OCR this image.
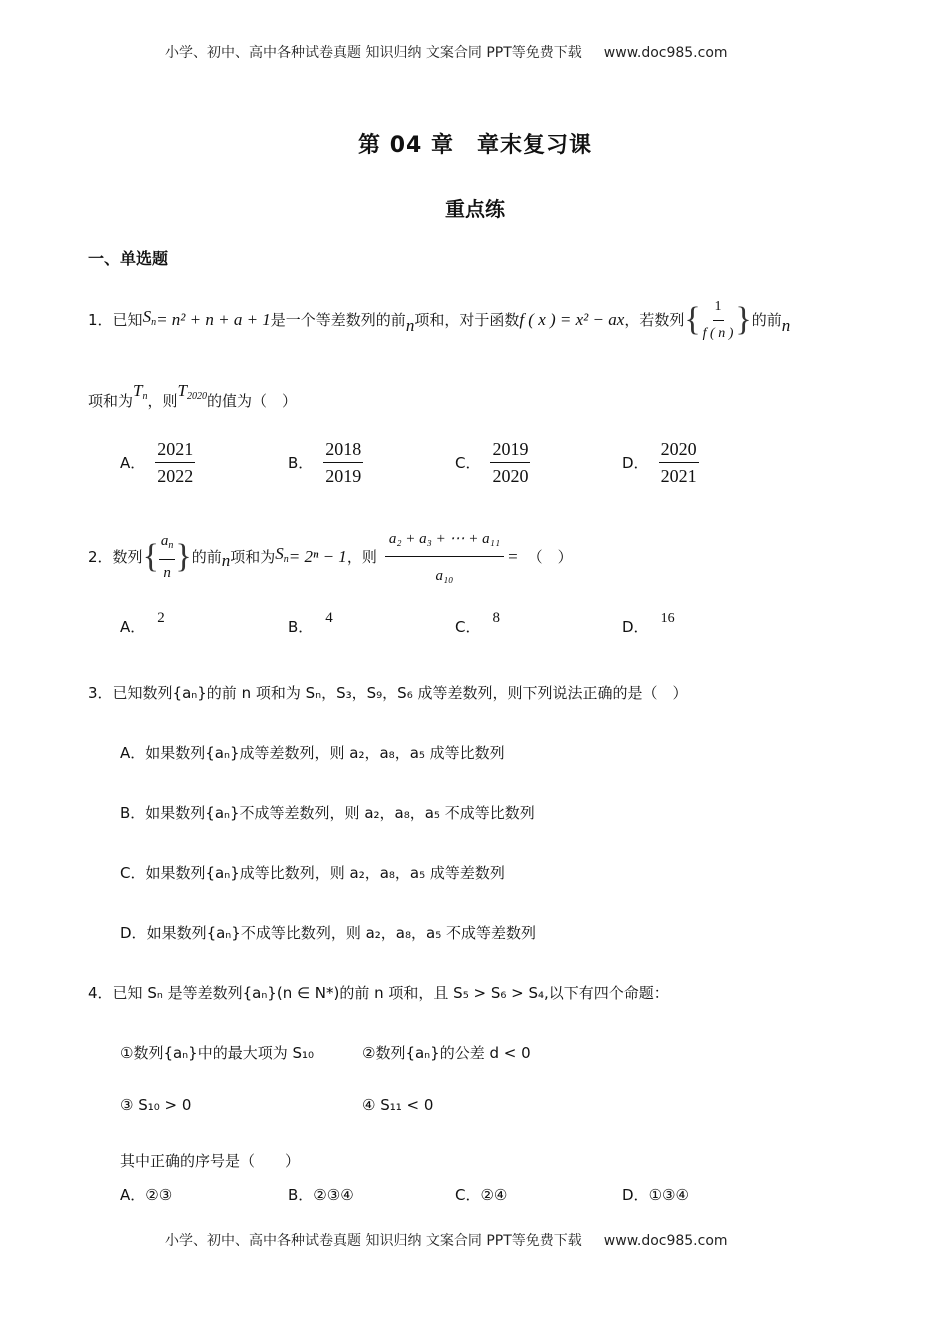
小学、初中、高中各种试卷真题 知识归纳 文案合同 PPT等免费下载 www.doc985.com
第 04 章　章末复习课
重点练
一、单选题
1． 已知 $S_n = n^2 + n + a + 1$ 是一个等差数列的前 n 项和，对于函数 f ( x ) = x² − ax ，若数列 { $\frac{1}{f ( n )}$ } 的前 n
项和为$T_n$，则$T_{2020}$的值为（　）
A． $\frac{2021}{2022}$	B． $\frac{2018}{2019}$	C． $\frac{2019}{2020}$	D． $\frac{2020}{2021}$
2． 数列 { $\frac{a_n}{n}$ } 的前 n 项和为 $S_n = 2^n - 1$ ，则 $\frac{\text{a₂ + a₃ + ⋯ + a₁₁}}{\text{a₁₀}}$ = （　）
A． 2	B． 4	C． 8	D． 16
3．已知数列{aₙ}的前 n 项和为 Sₙ，S₃，S₉，S₆ 成等差数列，则下列说法正确的是（　）
A．如果数列{aₙ}成等差数列，则 a₂，a₈，a₅ 成等比数列
B．如果数列{aₙ}不成等差数列，则 a₂，a₈，a₅ 不成等比数列
C．如果数列{aₙ}成等比数列，则 a₂，a₈，a₅ 成等差数列
D．如果数列{aₙ}不成等比数列，则 a₂，a₈，a₅ 不成等差数列
4．已知 Sₙ 是等差数列{aₙ}(n ∈ N*)的前 n 项和，且 S₅ > S₆ > S₄,以下有四个命题：
①数列{aₙ}中的最大项为 S₁₀	②数列{aₙ}的公差 d < 0
③ S₁₀ > 0	④ S₁₁ < 0
其中正确的序号是（　　）
A．②③	B．②③④	C．②④	D．①③④
小学、初中、高中各种试卷真题 知识归纳 文案合同 PPT等免费下载 www.doc985.com
